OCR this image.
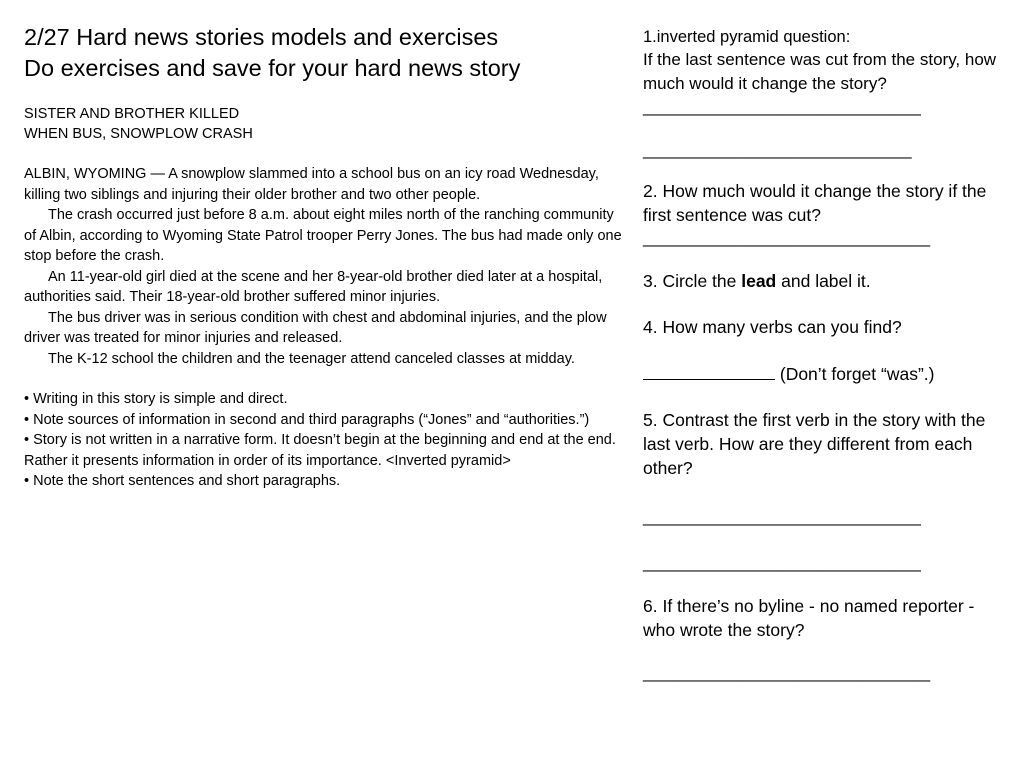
2/27 Hard news stories models and exercises
Do exercises and save for your hard news story
SISTER AND BROTHER KILLED
WHEN BUS, SNOWPLOW CRASH

ALBIN, WYOMING — A snowplow slammed into a school bus on an icy road Wednesday, killing two siblings and injuring their older brother and two other people.

The crash occurred just before 8 a.m. about eight miles north of the ranching community of Albin, according to Wyoming State Patrol trooper Perry Jones. The bus had made only one stop before the crash.

An 11-year-old girl died at the scene and her 8-year-old brother died later at a hospital, authorities said. Their 18-year-old brother suffered minor injuries.

The bus driver was in serious condition with chest and abdominal injuries, and the plow driver was treated for minor injuries and released.

The K-12 school the children and the teenager attend canceled classes at midday.

• Writing in this story is simple and direct.

• Note sources of information in second and third paragraphs (“Jones” and “authorities.”)

• Story is not written in a narrative form. It doesn’t begin at the beginning and end at the end. Rather it presents information in order of its importance. <Inverted pyramid>

• Note the short sentences and short paragraphs.

1.inverted pyramid question:

If the last sentence was cut from the story, how much would it change the story?

______________________________

_____________________________

2. How much would it change the story if the first sentence was cut?

_______________________________

3. Circle the lead and label it.

4. How many verbs can you find?

(Don’t forget “was”.)

5. Contrast the first verb in the story with the last verb. How are they different from each other?

______________________________

______________________________

6. If there’s no byline - no named reporter - who wrote the story?

_______________________________
